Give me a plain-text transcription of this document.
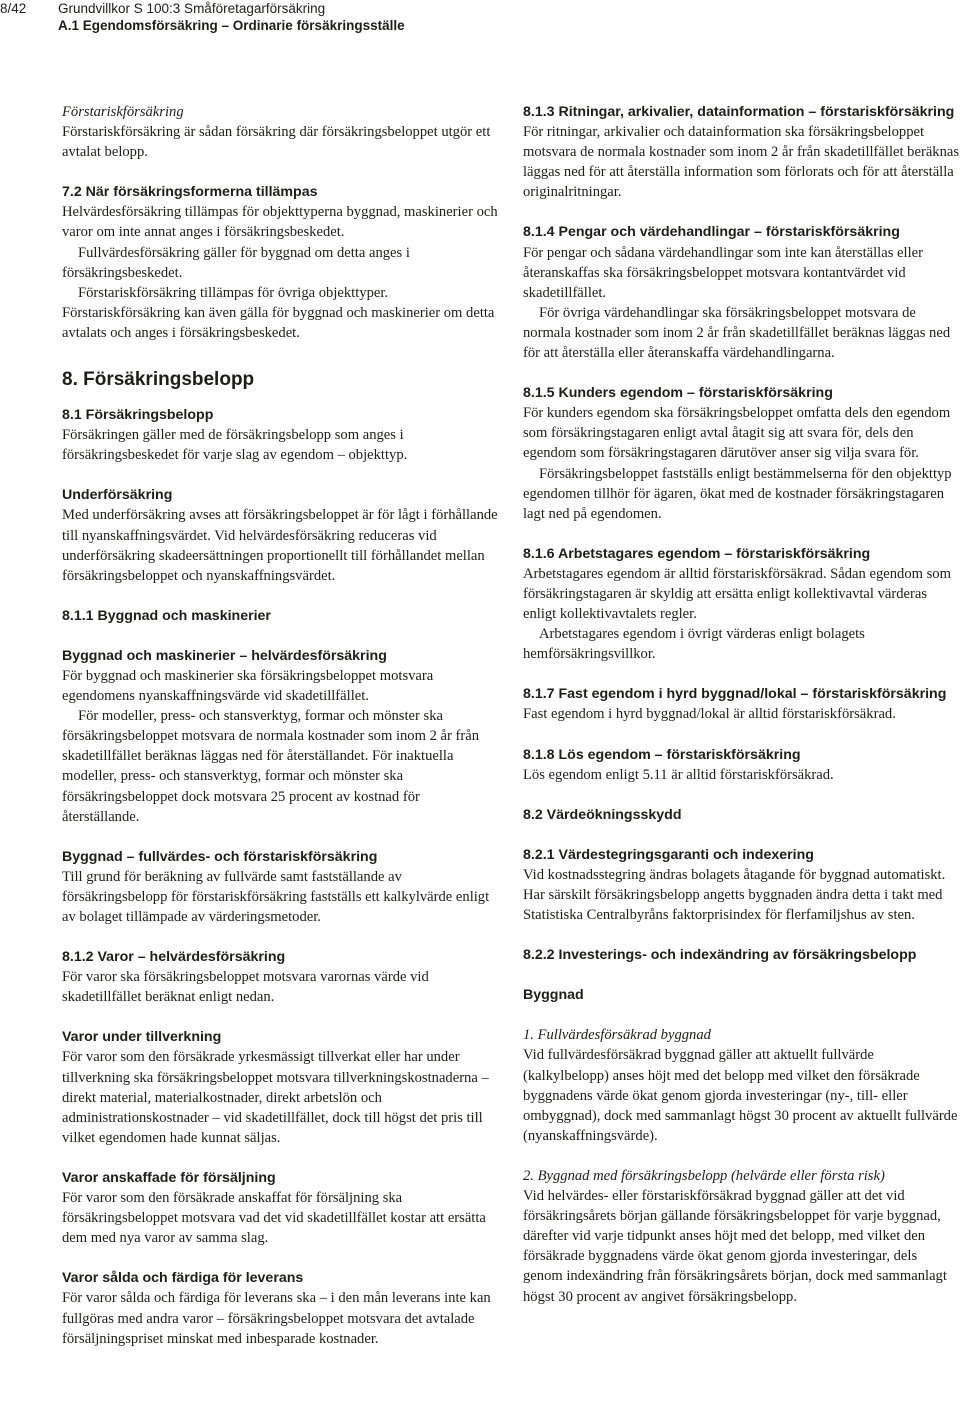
8/42 Grundvillkor S 100:3 Småföretagarförsäkring
A.1 Egendomsförsäkring – Ordinarie försäkringsställe

Förstariskförsäkring

Förstariskförsäkring är sådan försäkring där försäkringsbeloppet utgör ett avtalat belopp.

7.2 När försäkringsformerna tillämpas

Helvärdesförsäkring tillämpas för objekttyperna byggnad, maskinerier och varor om inte annat anges i försäkringsbeskedet.

Fullvärdesförsäkring gäller för byggnad om detta anges i försäkringsbeskedet.

Förstariskförsäkring tillämpas för övriga objekttyper. Förstariskförsäkring kan även gälla för byggnad och maskinerier om detta avtalats och anges i försäkringsbeskedet.

8. Försäkringsbelopp

8.1 Försäkringsbelopp

Försäkringen gäller med de försäkringsbelopp som anges i försäkringsbeskedet för varje slag av egendom – objekttyp.

Underförsäkring

Med underförsäkring avses att försäkringsbeloppet är för lågt i förhållande till nyanskaffningsvärdet. Vid helvärdesförsäkring reduceras vid underförsäkring skadeersättningen proportionellt till förhållandet mellan försäkringsbeloppet och nyanskaffningsvärdet.

8.1.1 Byggnad och maskinerier

Byggnad och maskinerier – helvärdesförsäkring

För byggnad och maskinerier ska försäkringsbeloppet motsvara egendomens nyanskaffningsvärde vid skadetillfället.

För modeller, press- och stansverktyg, formar och mönster ska försäkringsbeloppet motsvara de normala kostnader som inom 2 år från skadetillfället beräknas läggas ned för återställandet. För inaktuella modeller, press- och stansverktyg, formar och mönster ska försäkringsbeloppet dock motsvara 25 procent av kostnad för återställande.

Byggnad – fullvärdes- och förstariskförsäkring

Till grund för beräkning av fullvärde samt fastställande av försäkringsbelopp för förstariskförsäkring fastställs ett kalkylvärde enligt av bolaget tillämpade av värderingsmetoder.

8.1.2 Varor – helvärdesförsäkring

För varor ska försäkringsbeloppet motsvara varornas värde vid skadetillfället beräknat enligt nedan.

Varor under tillverkning

För varor som den försäkrade yrkesmässigt tillverkat eller har under tillverkning ska försäkringsbeloppet motsvara tillverkningskostnaderna – direkt material, materialkostnader, direkt arbetslön och administrationskostnader – vid skadetillfället, dock till högst det pris till vilket egendomen hade kunnat säljas.

Varor anskaffade för försäljning

För varor som den försäkrade anskaffat för försäljning ska försäkringsbeloppet motsvara vad det vid skadetillfället kostar att ersätta dem med nya varor av samma slag.

Varor sålda och färdiga för leverans

För varor sålda och färdiga för leverans ska – i den mån leverans inte kan fullgöras med andra varor – försäkringsbeloppet motsvara det avtalade försäljningspriset minskat med inbesparade kostnader.

8.1.3 Ritningar, arkivalier, datainformation – förstariskförsäkring

För ritningar, arkivalier och datainformation ska försäkringsbeloppet motsvara de normala kostnader som inom 2 år från skadetillfället beräknas läggas ned för att återställa information som förlorats och för att återställa originalritningar.

8.1.4 Pengar och värdehandlingar – förstariskförsäkring

För pengar och sådana värdehandlingar som inte kan återställas eller återanskaffas ska försäkringsbeloppet motsvara kontantvärdet vid skadetillfället.

För övriga värdehandlingar ska försäkringsbeloppet motsvara de normala kostnader som inom 2 år från skadetillfället beräknas läggas ned för att återställa eller återanskaffa värdehandlingarna.

8.1.5 Kunders egendom – förstariskförsäkring

För kunders egendom ska försäkringsbeloppet omfatta dels den egendom som försäkringstagaren enligt avtal åtagit sig att svara för, dels den egendom som försäkringstagaren därutöver anser sig vilja svara för.

Försäkringsbeloppet fastställs enligt bestämmelserna för den objekttyp egendomen tillhör för ägaren, ökat med de kostnader försäkringstagaren lagt ned på egendomen.

8.1.6 Arbetstagares egendom – förstariskförsäkring

Arbetstagares egendom är alltid förstariskförsäkrad. Sådan egendom som försäkringstagaren är skyldig att ersätta enligt kollektivavtal värderas enligt kollektivavtalets regler.

Arbetstagares egendom i övrigt värderas enligt bolagets hemförsäkringsvillkor.

8.1.7 Fast egendom i hyrd byggnad/lokal – förstariskförsäkring

Fast egendom i hyrd byggnad/lokal är alltid förstariskförsäkrad.

8.1.8 Lös egendom – förstariskförsäkring

Lös egendom enligt 5.11 är alltid förstariskförsäkrad.

8.2 Värdeökningsskydd

8.2.1 Värdestegringsgaranti och indexering

Vid kostnadsstegring ändras bolagets åtagande för byggnad automatiskt. Har särskilt försäkringsbelopp angetts byggnaden ändra detta i takt med Statistiska Centralbyråns faktorprisindex för flerfamiljshus av sten.

8.2.2 Investerings- och indexändring av försäkringsbelopp

Byggnad

1. Fullvärdesförsäkrad byggnad

Vid fullvärdesförsäkrad byggnad gäller att aktuellt fullvärde (kalkylbelopp) anses höjt med det belopp med vilket den försäkrade byggnadens värde ökat genom gjorda investeringar (ny-, till- eller ombyggnad), dock med sammanlagt högst 30 procent av aktuellt fullvärde (nyanskaffningsvärde).

2. Byggnad med försäkringsbelopp (helvärde eller första risk)

Vid helvärdes- eller förstariskförsäkrad byggnad gäller att det vid försäkringsårets början gällande försäkringsbeloppet för varje byggnad, därefter vid varje tidpunkt anses höjt med det belopp, med vilket den försäkrade byggnadens värde ökat genom gjorda investeringar, dels genom indexändring från försäkringsårets början, dock med sammanlagt högst 30 procent av angivet försäkringsbelopp.
